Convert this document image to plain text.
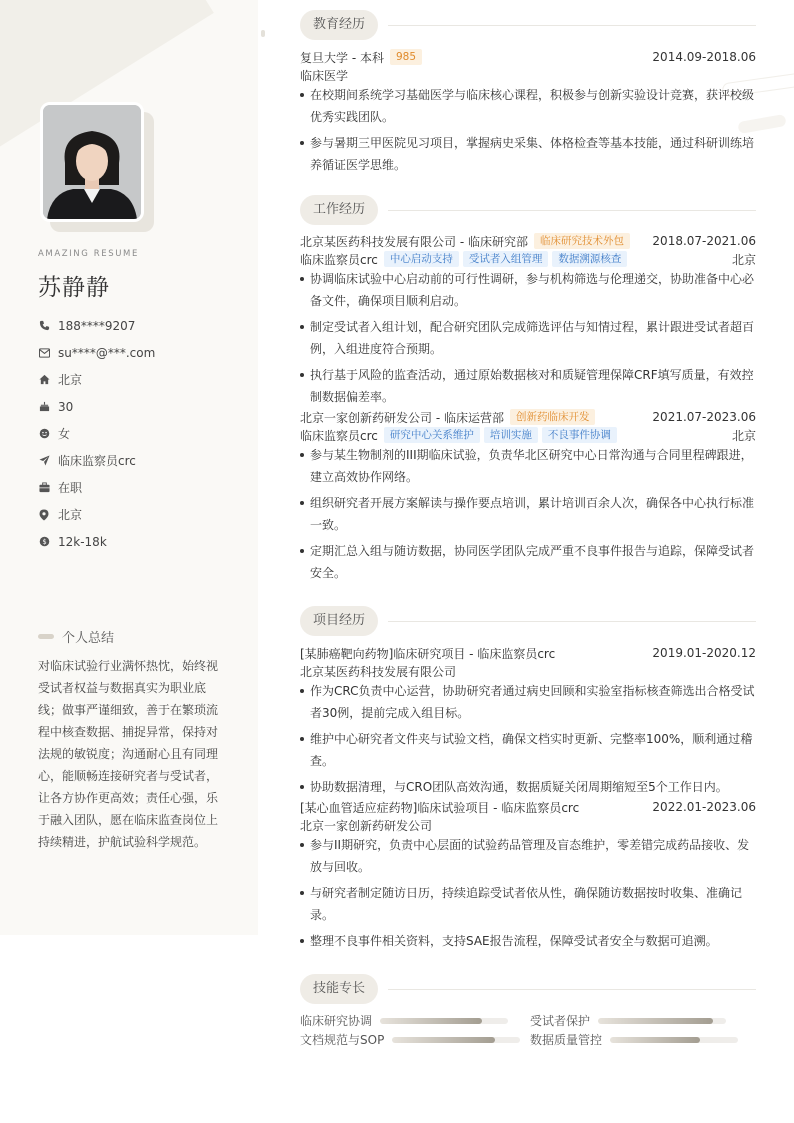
AMAZING RESUME
苏静静
188****9207
su****@***.com
北京
30
女
临床监察员crc
在职
北京
$ 12k-18k
个人总结
对临床试验行业满怀热忱，始终视受试者权益与数据真实为职业底线；做事严谨细致，善于在繁琐流程中核查数据、捕捉异常，保持对法规的敏锐度；沟通耐心且有同理心，能顺畅连接研究者与受试者，让各方协作更高效；责任心强，乐于融入团队，愿在临床监查岗位上持续精进，护航试验科学规范。
教育经历
复旦大学 - 本科	985	2014.09-2018.06
临床医学
在校期间系统学习基础医学与临床核心课程，积极参与创新实验设计竞赛，获评校级优秀实践团队。
参与暑期三甲医院见习项目，掌握病史采集、体格检查等基本技能，通过科研训练培养循证医学思维。
工作经历
北京某医药科技发展有限公司 - 临床研究部	临床研究技术外包	2018.07-2021.06
临床监察员crc	中心启动支持	受试者入组管理	数据溯源核查	北京
协调临床试验中心启动前的可行性调研，参与机构筛选与伦理递交，协助准备中心必备文件，确保项目顺利启动。
制定受试者入组计划，配合研究团队完成筛选评估与知情过程，累计跟进受试者超百例，入组进度符合预期。
执行基于风险的监查活动，通过原始数据核对和质疑管理保障CRF填写质量，有效控制数据偏差率。
北京一家创新药研发公司 - 临床运营部	创新药临床开发	2021.07-2023.06
临床监察员crc	研究中心关系维护	培训实施	不良事件协调	北京
参与某生物制剂的III期临床试验，负责华北区研究中心日常沟通与合同里程碑跟进，建立高效协作网络。
组织研究者开展方案解读与操作要点培训，累计培训百余人次，确保各中心执行标准一致。
定期汇总入组与随访数据，协同医学团队完成严重不良事件报告与追踪，保障受试者安全。
项目经历
[某肺癌靶向药物]临床研究项目 - 临床监察员crc	2019.01-2020.12
北京某医药科技发展有限公司
作为CRC负责中心运营，协助研究者通过病史回顾和实验室指标核查筛选出合格受试者30例，提前完成入组目标。
维护中心研究者文件夹与试验文档，确保文档实时更新、完整率100%，顺利通过稽查。
协助数据清理，与CRO团队高效沟通，数据质疑关闭周期缩短至5个工作日内。
[某心血管适应症药物]临床试验项目 - 临床监察员crc	2022.01-2023.06
北京一家创新药研发公司
参与II期研究，负责中心层面的试验药品管理及盲态维护，零差错完成药品接收、发放与回收。
与研究者制定随访日历，持续追踪受试者依从性，确保随访数据按时收集、准确记录。
整理不良事件相关资料，支持SAE报告流程，保障受试者安全与数据可追溯。
技能专长
临床研究协调	受试者保护
文档规范与SOP	数据质量管控
